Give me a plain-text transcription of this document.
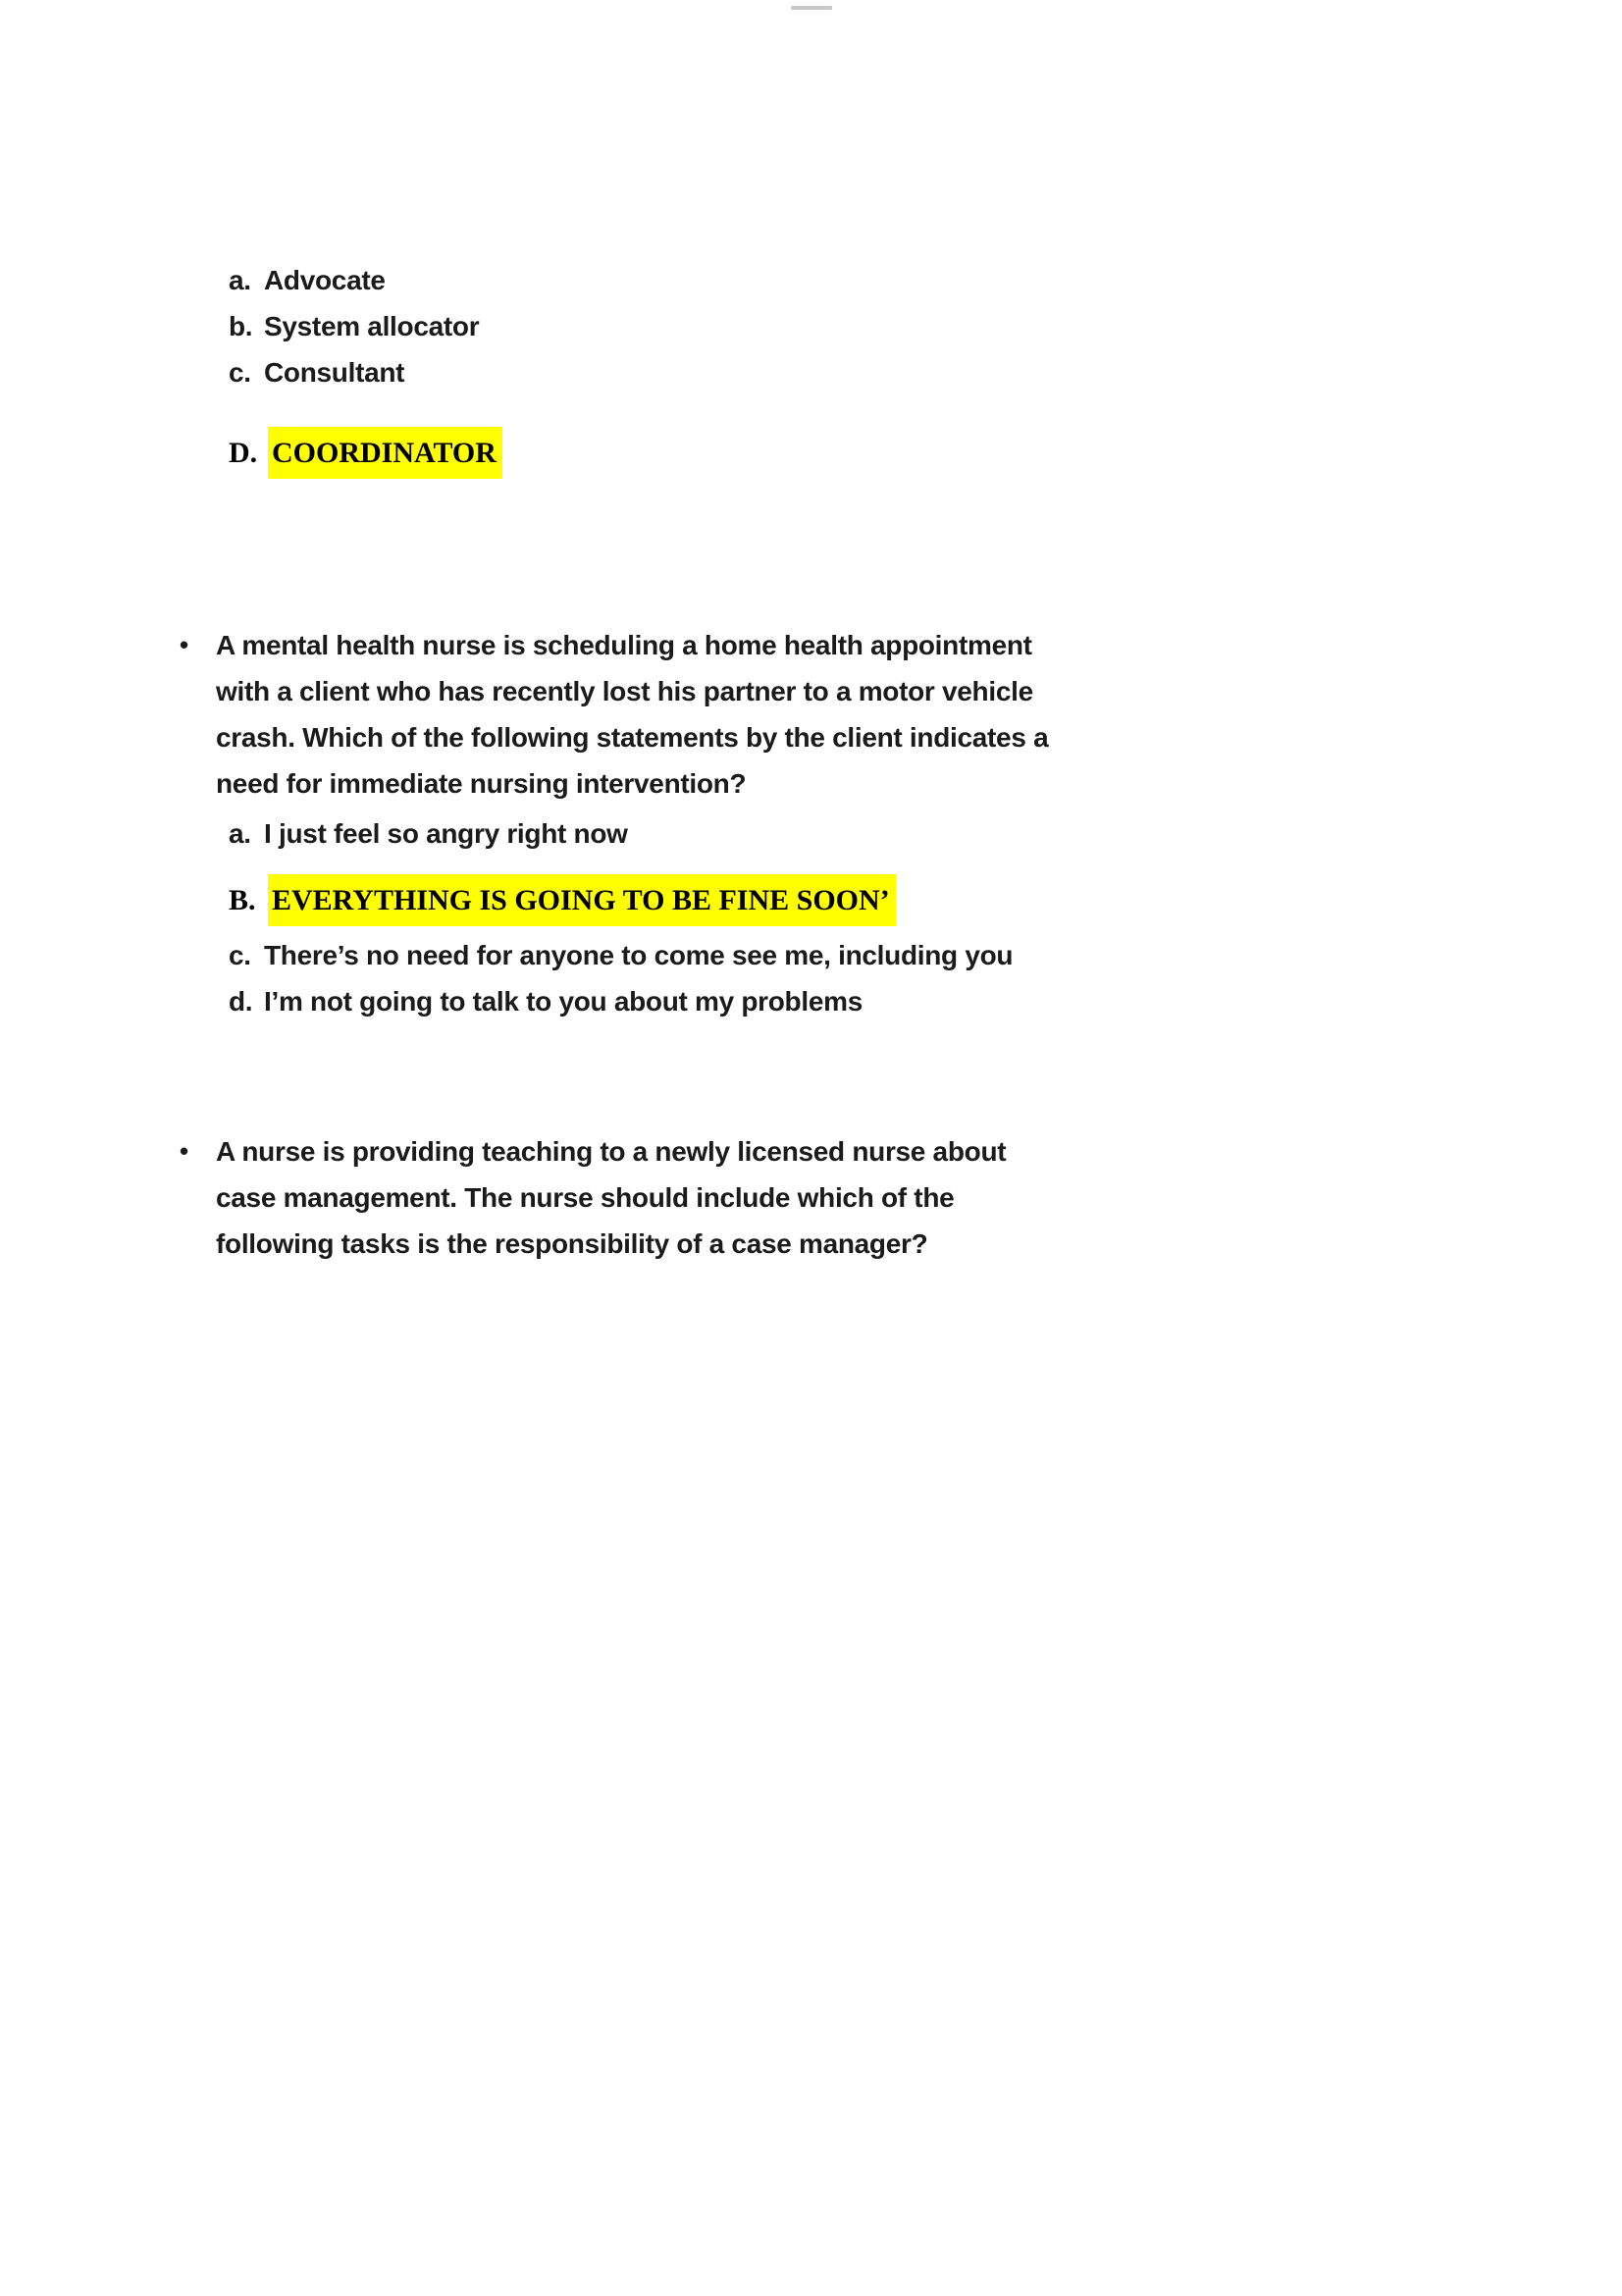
a. Advocate
b. System allocator
c. Consultant
D. COORDINATOR
•	A mental health nurse is scheduling a home health appointment with a client who has recently lost his partner to a motor vehicle crash. Which of the following statements by the client indicates a need for immediate nursing intervention?
a. I just feel so angry right now
B. EVERYTHING IS GOING TO BE FINE SOON’
c. There’s no need for anyone to come see me, including you
d. I’m not going to talk to you about my problems
•	A nurse is providing teaching to a newly licensed nurse about case management. The nurse should include which of the following tasks is the responsibility of a case manager?
